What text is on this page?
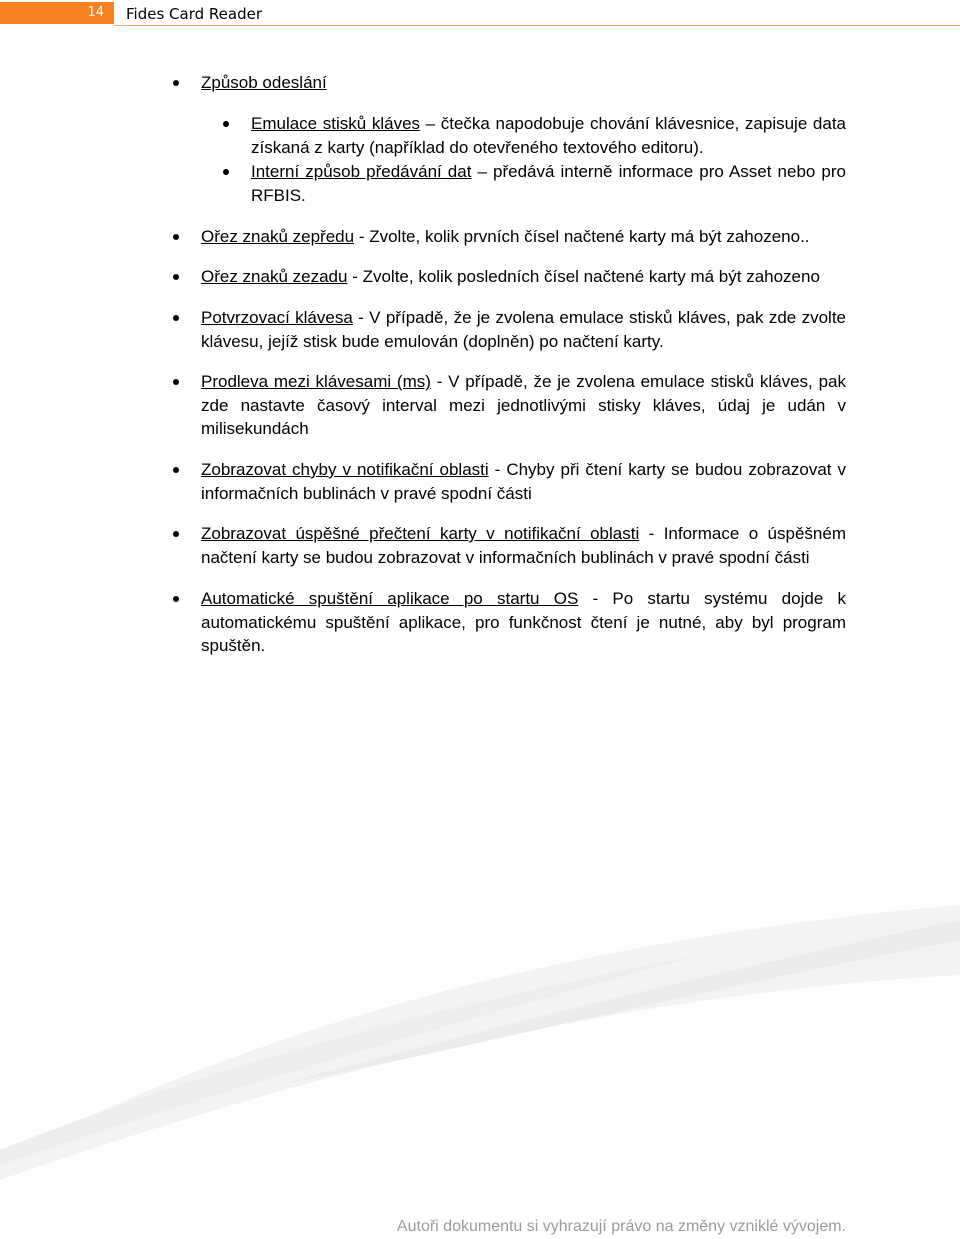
14 Fides Card Reader
Způsob odeslání
Emulace stisků kláves – čtečka napodobuje chování klávesnice, zapisuje data získaná z karty (například do otevřeného textového editoru).
Interní způsob předávání dat – předává interně informace pro Asset nebo pro RFBIS.
Ořez znaků zepředu - Zvolte, kolik prvních čísel načtené karty má být zahozeno..
Ořez znaků zezadu - Zvolte, kolik posledních čísel načtené karty má být zahozeno
Potvrzovací klávesa - V případě, že je zvolena emulace stisků kláves, pak zde zvolte klávesu, jejíž stisk bude emulován (doplněn) po načtení karty.
Prodleva mezi klávesami (ms) - V případě, že je zvolena emulace stisků kláves, pak zde nastavte časový interval mezi jednotlivými stisky kláves, údaj je udán v milisekundách
Zobrazovat chyby v notifikační oblasti - Chyby při čtení karty se budou zobrazovat v informačních bublinách v pravé spodní části
Zobrazovat úspěšné přečtení karty v notifikační oblasti - Informace o úspěšném načtení karty se budou zobrazovat v informačních bublinách v pravé spodní části
Automatické spuštění aplikace po startu OS - Po startu systému dojde k automatickému spuštění aplikace, pro funkčnost čtení je nutné, aby byl program spuštěn.
Autoři dokumentu si vyhrazují právo na změny vzniklé vývojem.
